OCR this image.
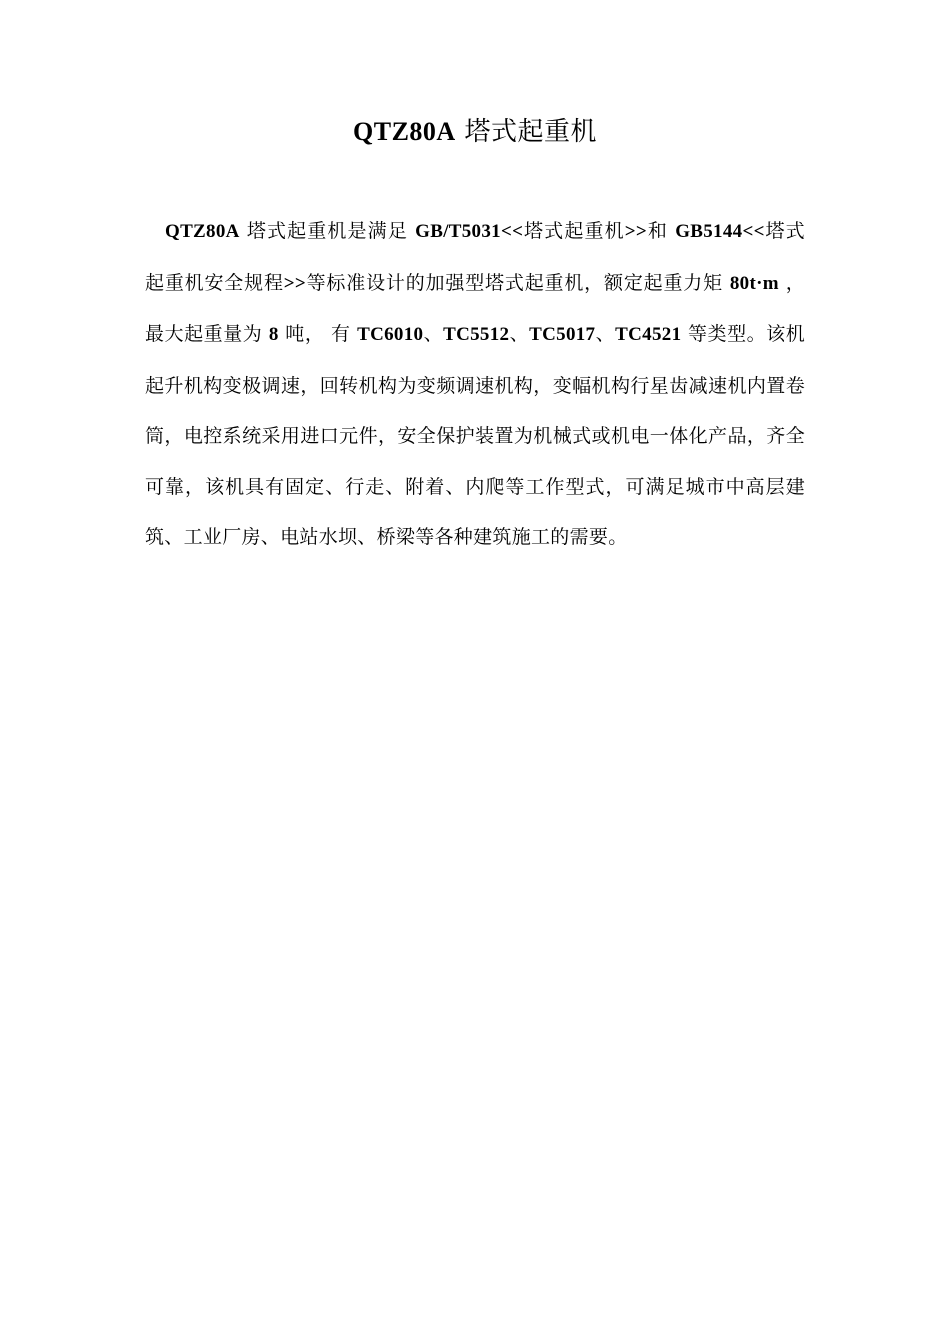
QTZ80A 塔式起重机

QTZ80A 塔式起重机是满足 GB/T5031<<塔式起重机>>和 GB5144<<塔式起重机安全规程>>等标准设计的加强型塔式起重机，额定起重力矩 80t·m ， 最大起重量为 8 吨， 有 TC6010、TC5512、TC5017、TC4521 等类型。该机起升机构变极调速，回转机构为变频调速机构，变幅机构行星齿减速机内置卷筒，电控系统采用进口元件，安全保护装置为机械式或机电一体化产品，齐全可靠，该机具有固定、行走、附着、内爬等工作型式，可满足城市中高层建筑、工业厂房、电站水坝、桥梁等各种建筑施工的需要。
